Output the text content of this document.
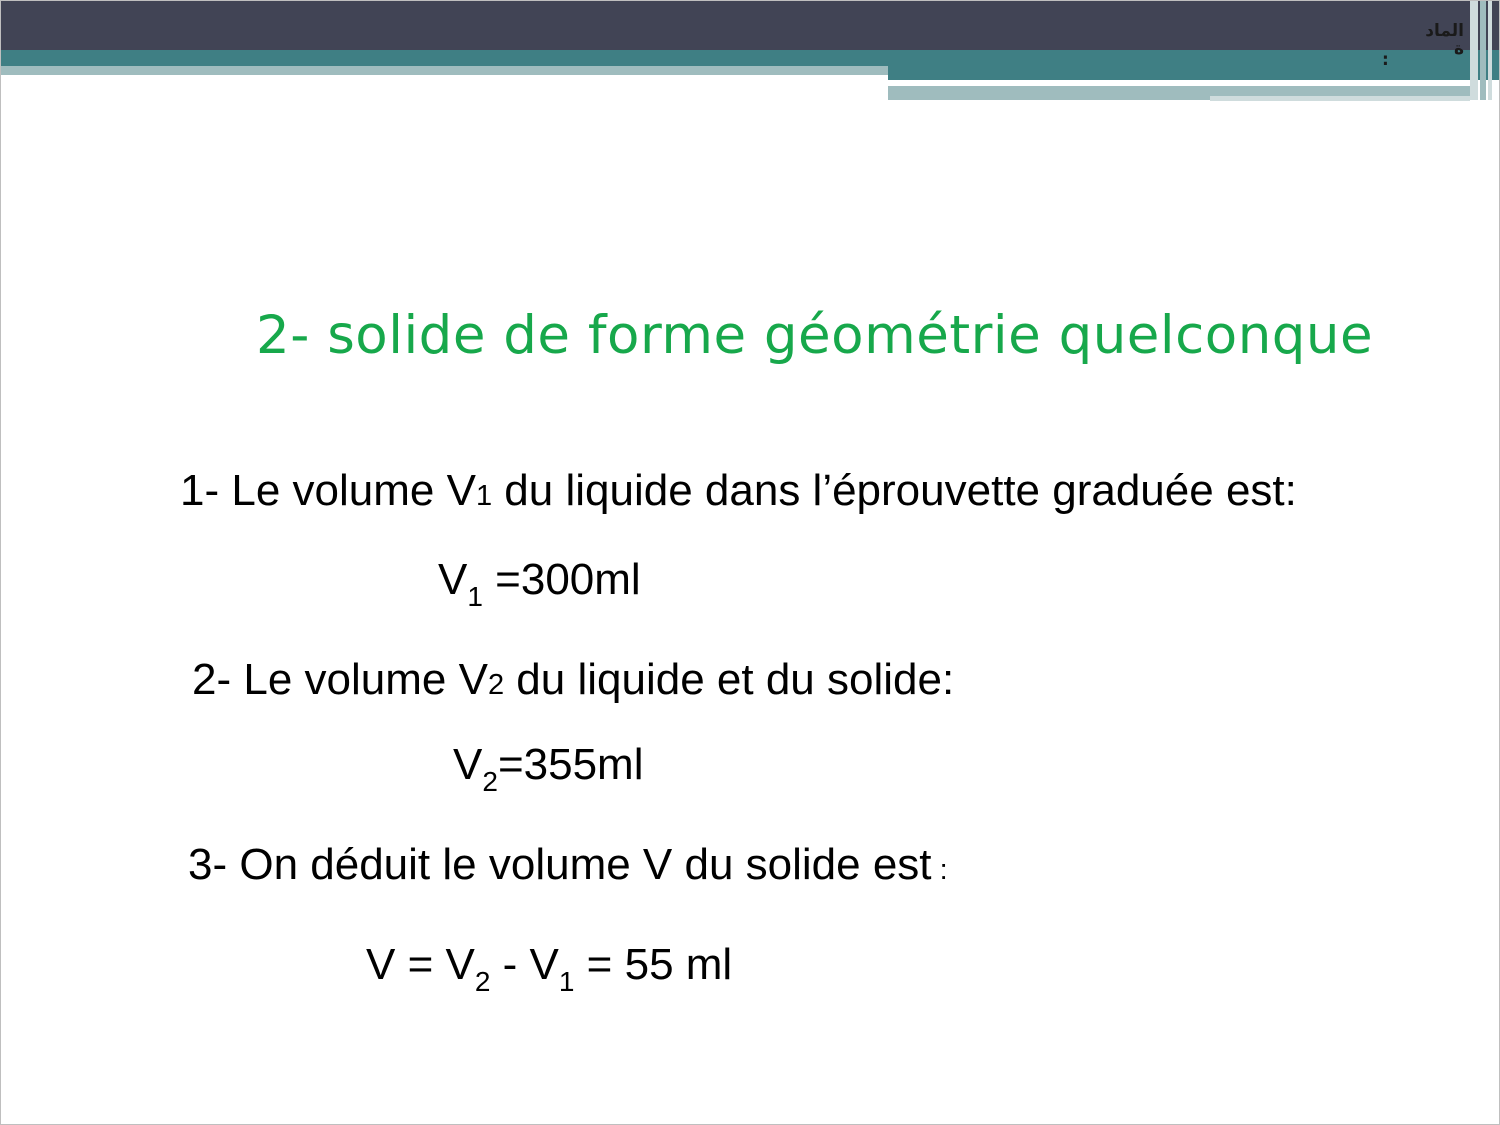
الماد
ة
:
2- solide de forme géométrie quelconque
1- Le volume V1 du liquide dans l’éprouvette graduée est:
$V_1 =300ml$
2- Le volume V2 du liquide et du solide:
$V_2=355ml$
3- On déduit le volume V du solide est :
$V = V_2 - V_1 = 55$ ml
